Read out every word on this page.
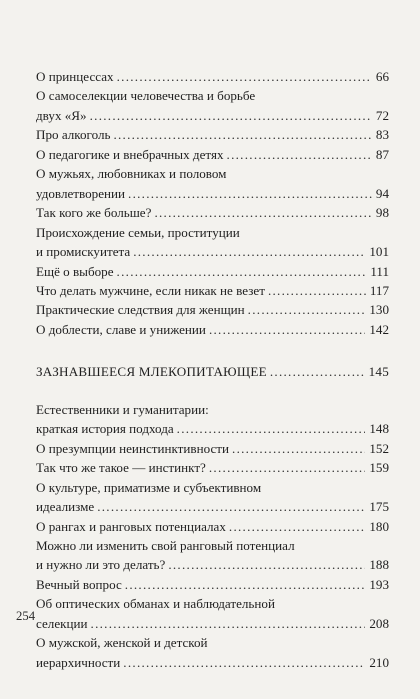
О принцессах . . .	66
О самоселекции человечества и борьбе
двух «Я» . . .	72
Про алкоголь . . .	83
О педагогике и внебрачных детях . . .	87
О мужьях, любовниках и половом
удовлетворении . . .	94
Так кого же больше? . . .	98
Происхождение семьи, проституции
и промискуитета . . .	101
Ещё о выборе . . .	111
Что делать мужчине, если никак не везет . . .	117
Практические следствия для женщин . . .	130
О доблести, славе и унижении . . .	142
ЗАЗНАВШЕЕСЯ МЛЕКОПИТАЮЩЕЕ . . .	145
Естественники и гуманитарии:
краткая история подхода . . .	148
О презумпции неинстинктивности . . .	152
Так что же такое — инстинкт? . . .	159
О культуре, приматизме и субъективном
идеализме . . .	175
О рангах и ранговых потенциалах . . .	180
Можно ли изменить свой ранговый потенциал
и нужно ли это делать? . . .	188
Вечный вопрос . . .	193
Об оптических обманах и наблюдательной
селекции . . .	208
О мужской, женской и детской
иерархичности . . .	210
254
